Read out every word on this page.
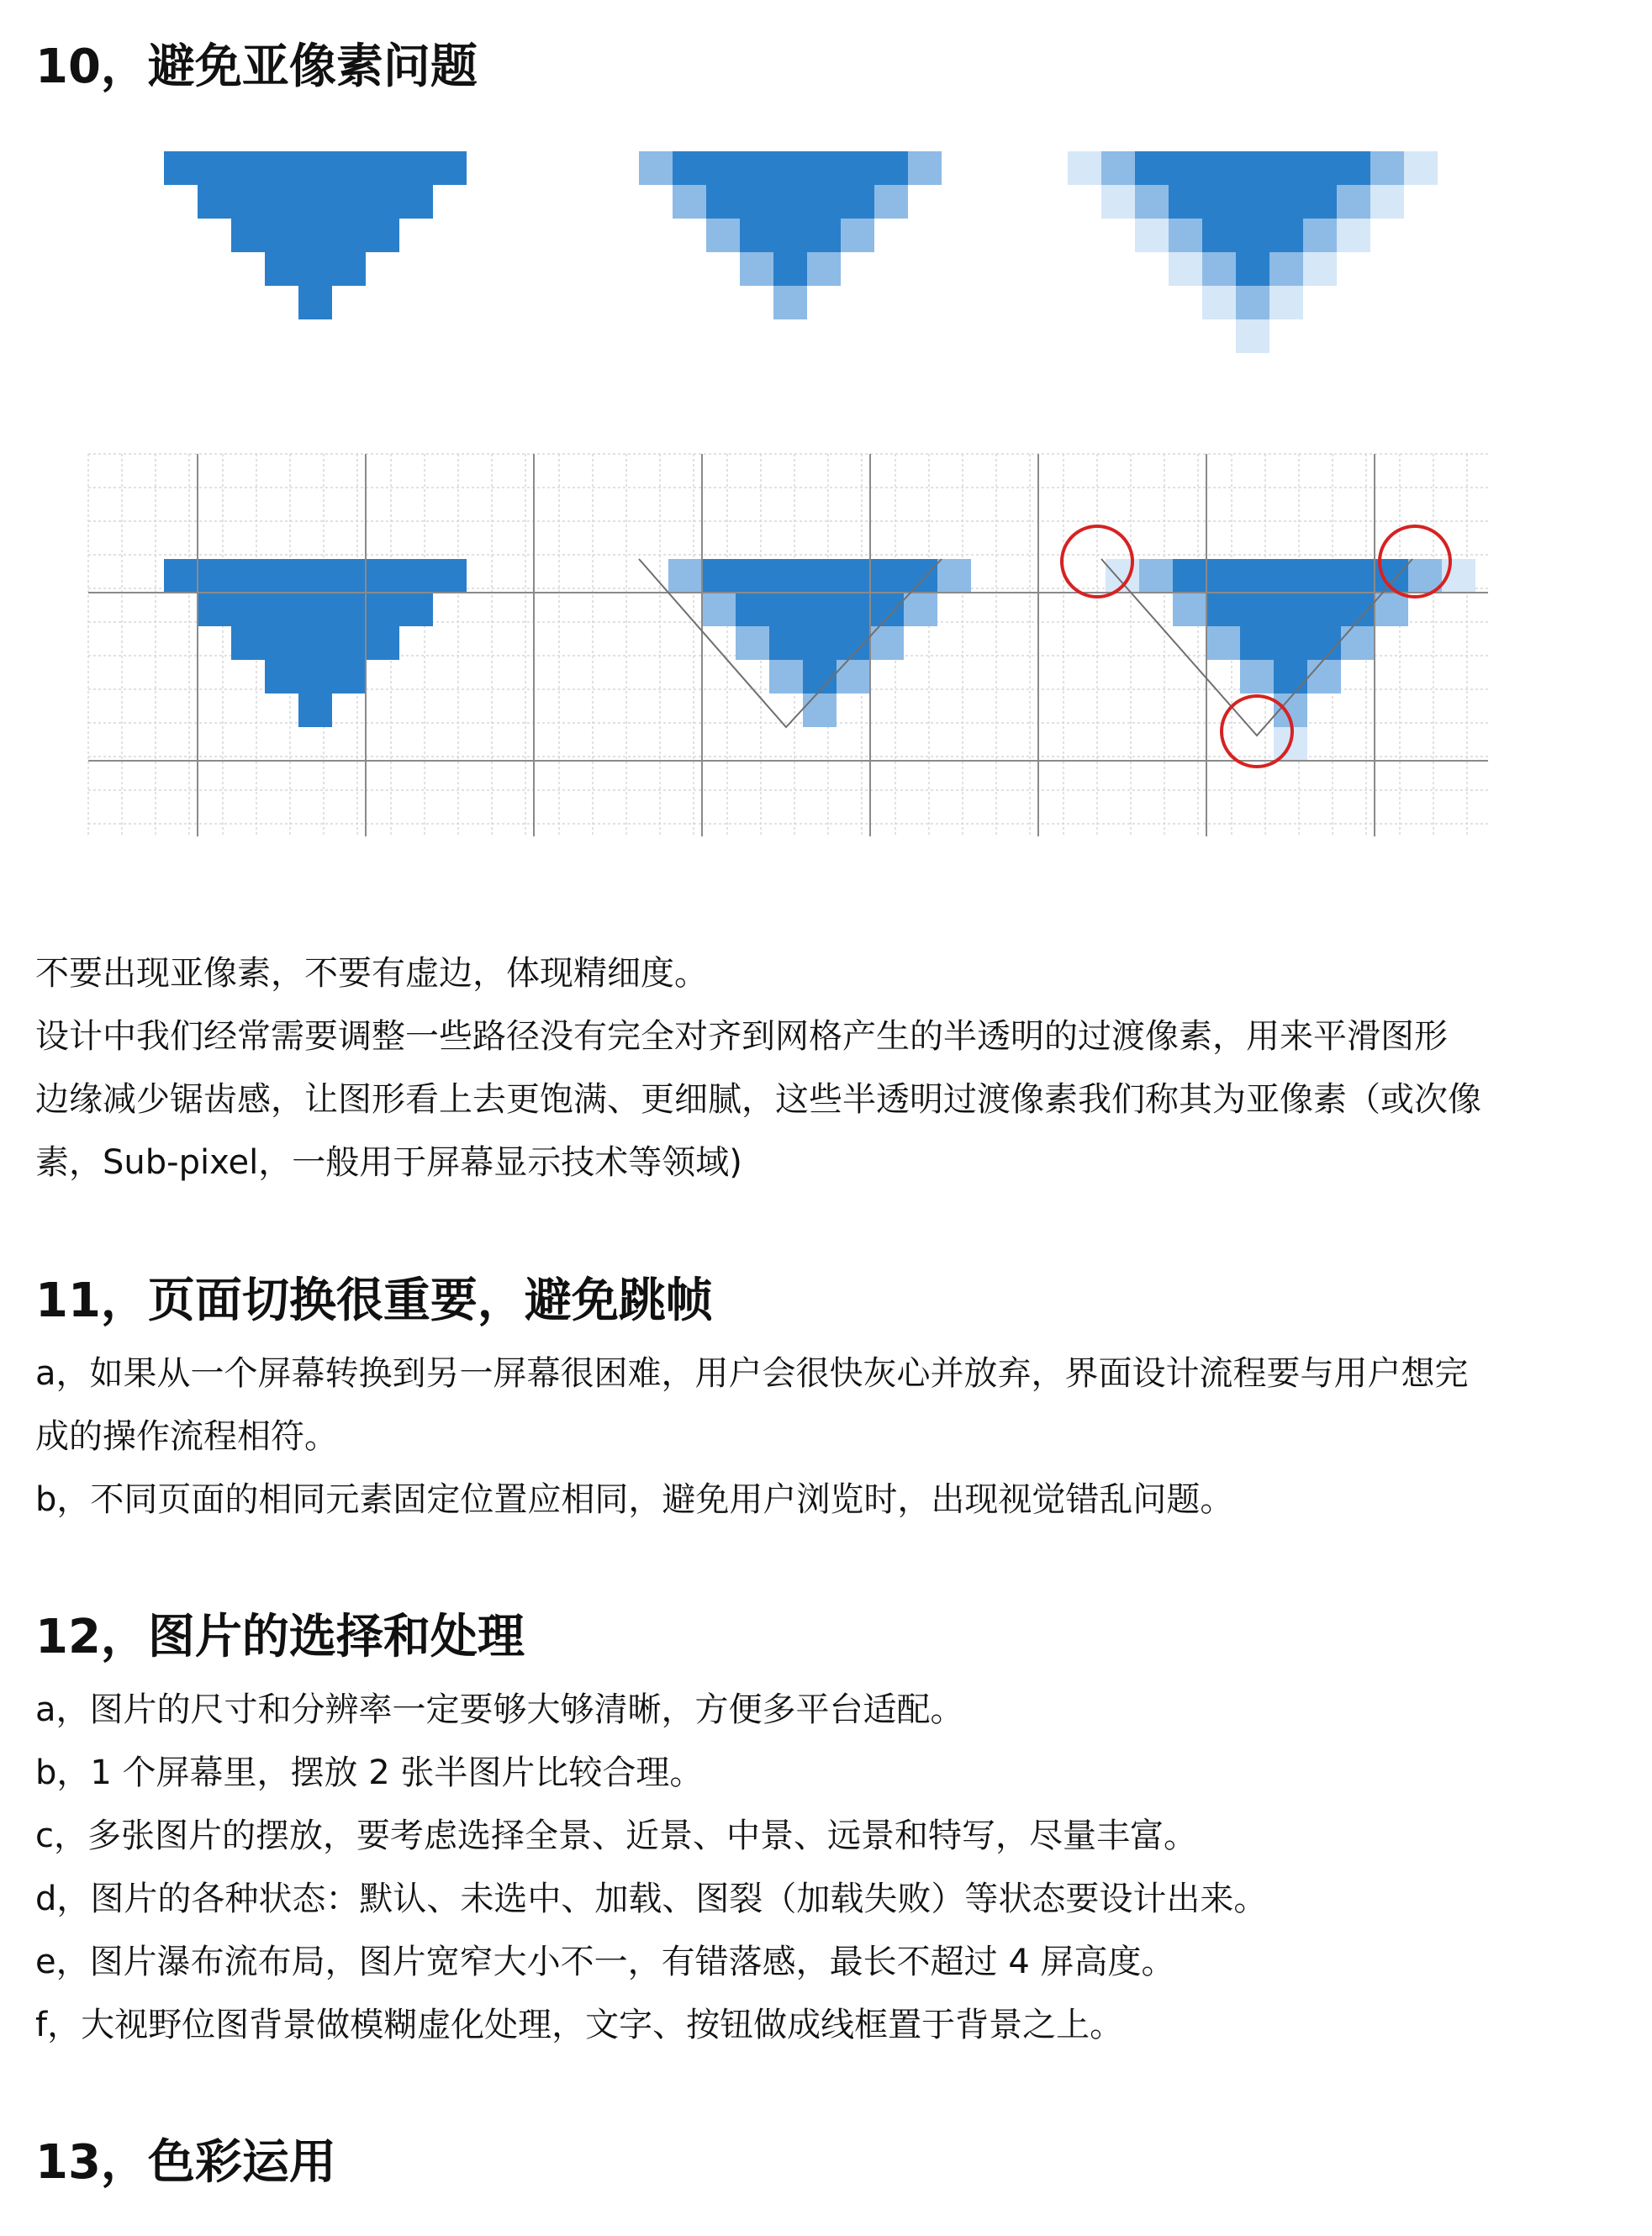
10，避免亚像素问题

不要出现亚像素，不要有虚边，体现精细度。

设计中我们经常需要调整一些路径没有完全对齐到网格产生的半透明的过渡像素，用来平滑图形

边缘减少锯齿感，让图形看上去更饱满、更细腻，这些半透明过渡像素我们称其为亚像素（或次像

素，Sub-pixel，一般用于屏幕显示技术等领域)

11，页面切换很重要，避免跳帧

a，如果从一个屏幕转换到另一屏幕很困难，用户会很快灰心并放弃，界面设计流程要与用户想完

成的操作流程相符。

b，不同页面的相同元素固定位置应相同，避免用户浏览时，出现视觉错乱问题。

12，图片的选择和处理

a，图片的尺寸和分辨率一定要够大够清晰，方便多平台适配。

b，1 个屏幕里，摆放 2 张半图片比较合理。

c，多张图片的摆放，要考虑选择全景、近景、中景、远景和特写，尽量丰富。

d，图片的各种状态：默认、未选中、加载、图裂（加载失败）等状态要设计出来。

e，图片瀑布流布局，图片宽窄大小不一，有错落感，最长不超过 4 屏高度。

f，大视野位图背景做模糊虚化处理，文字、按钮做成线框置于背景之上。

13，色彩运用
